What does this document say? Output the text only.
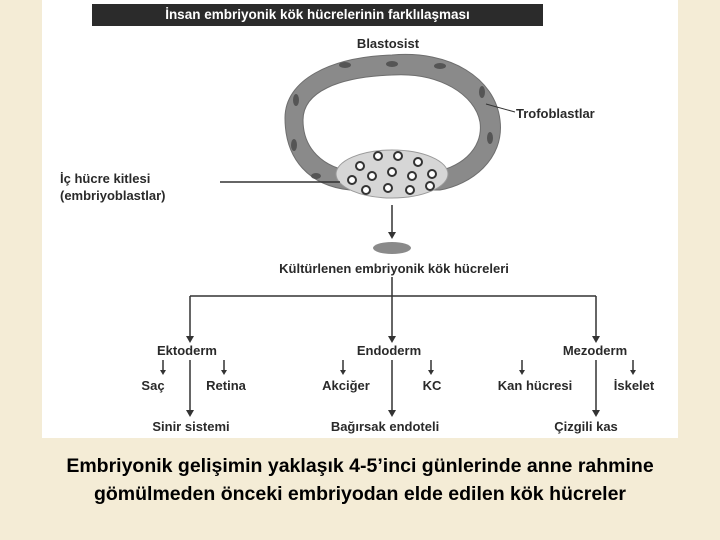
İnsan embriyonik kök hücrelerinin farklılaşması
Blastosist
Trofoblastlar
İç hücre kitlesi
(embriyoblastlar)
Kültürlenen embriyonik kök hücreleri
Ektoderm	Endoderm	Mezoderm
Saç	Retina	Akciğer	KC	Kan hücresi	İskelet
Sinir sistemi	Bağırsak endoteli	Çizgili kas
Embriyonik gelişimin yaklaşık 4-5’inci günlerinde anne rahmine gömülmeden önceki embriyodan elde edilen kök hücreler
